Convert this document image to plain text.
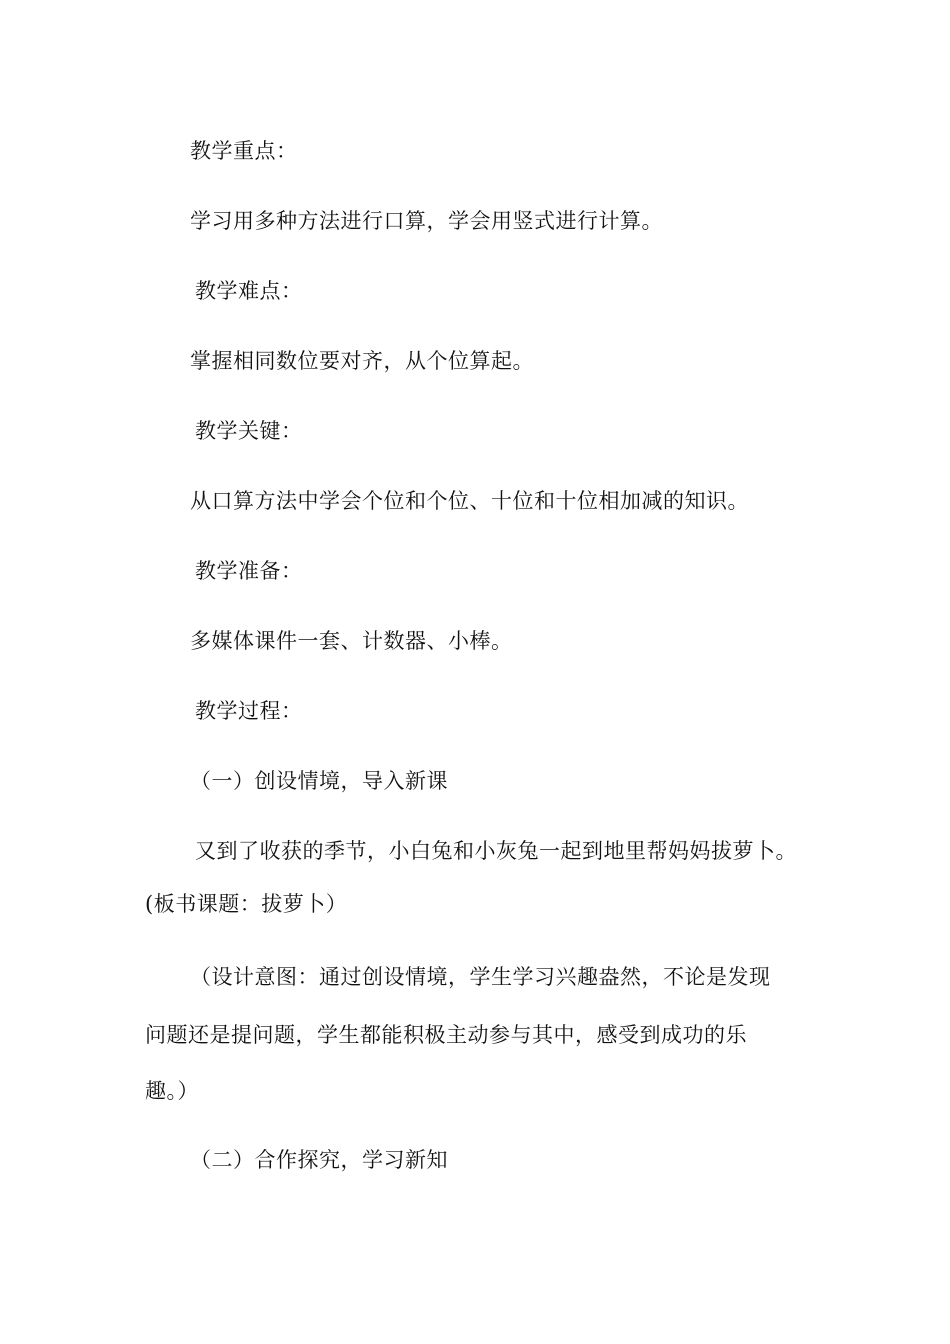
教学重点：
学习用多种方法进行口算，学会用竖式进行计算。
教学难点：
掌握相同数位要对齐，从个位算起。
教学关键：
从口算方法中学会个位和个位、十位和十位相加减的知识。
教学准备：
多媒体课件一套、计数器、小棒。
教学过程：
（一）创设情境，导入新课
又到了收获的季节，小白兔和小灰兔一起到地里帮妈妈拔萝卜。
(板书课题：拔萝卜）
（设计意图：通过创设情境，学生学习兴趣盎然，不论是发现
问题还是提问题，学生都能积极主动参与其中，感受到成功的乐
趣。）
（二）合作探究，学习新知
